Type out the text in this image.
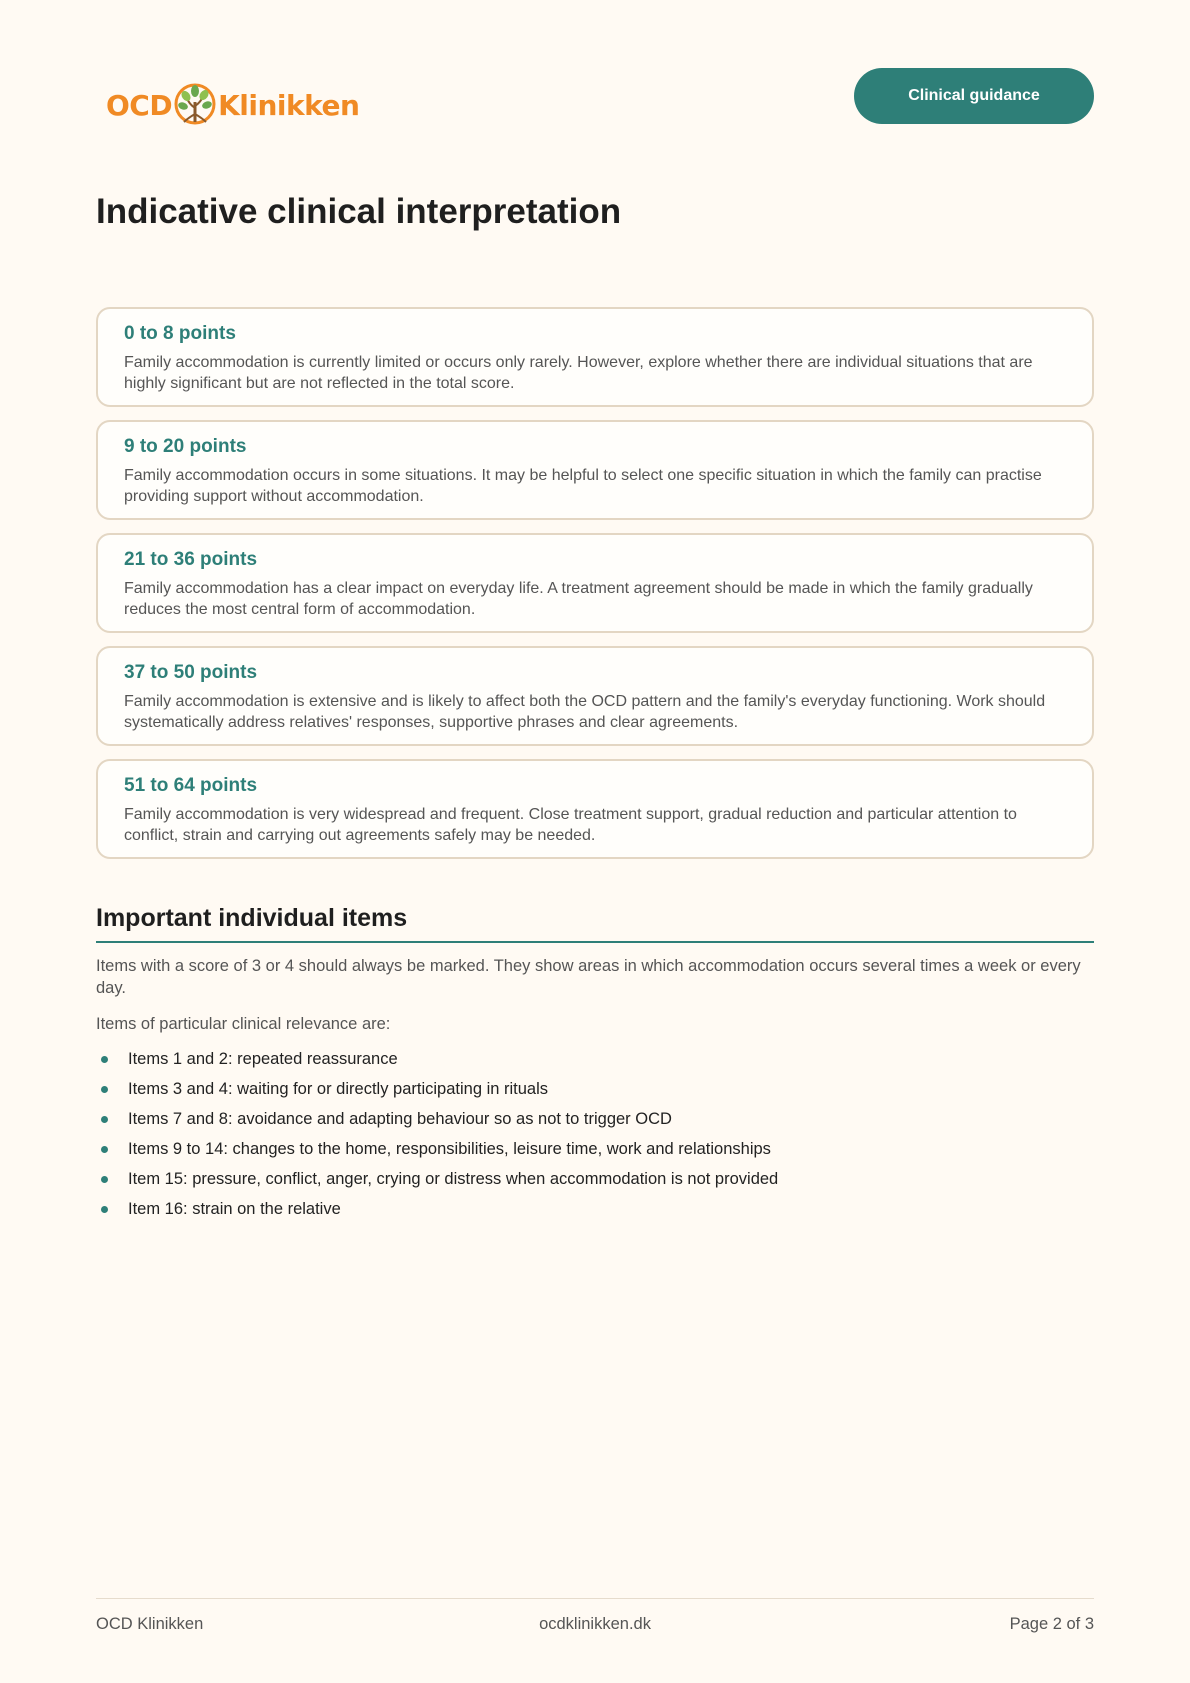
OCD Klinikken	Clinical guidance
Indicative clinical interpretation

0 to 8 points

Family accommodation is currently limited or occurs only rarely. However, explore whether there are individual situations that are highly significant but are not reflected in the total score.

9 to 20 points

Family accommodation occurs in some situations. It may be helpful to select one specific situation in which the family can practise providing support without accommodation.

21 to 36 points

Family accommodation has a clear impact on everyday life. A treatment agreement should be made in which the family gradually reduces the most central form of accommodation.

37 to 50 points

Family accommodation is extensive and is likely to affect both the OCD pattern and the family's everyday functioning. Work should systematically address relatives' responses, supportive phrases and clear agreements.

51 to 64 points

Family accommodation is very widespread and frequent. Close treatment support, gradual reduction and particular attention to conflict, strain and carrying out agreements safely may be needed.

Important individual items

Items with a score of 3 or 4 should always be marked. They show areas in which accommodation occurs several times a week or every day.

Items of particular clinical relevance are:

Items 1 and 2: repeated reassurance
Items 3 and 4: waiting for or directly participating in rituals
Items 7 and 8: avoidance and adapting behaviour so as not to trigger OCD
Items 9 to 14: changes to the home, responsibilities, leisure time, work and relationships
Item 15: pressure, conflict, anger, crying or distress when accommodation is not provided
Item 16: strain on the relative
OCD Klinikken	ocdklinikken.dk	Page 2 of 3
